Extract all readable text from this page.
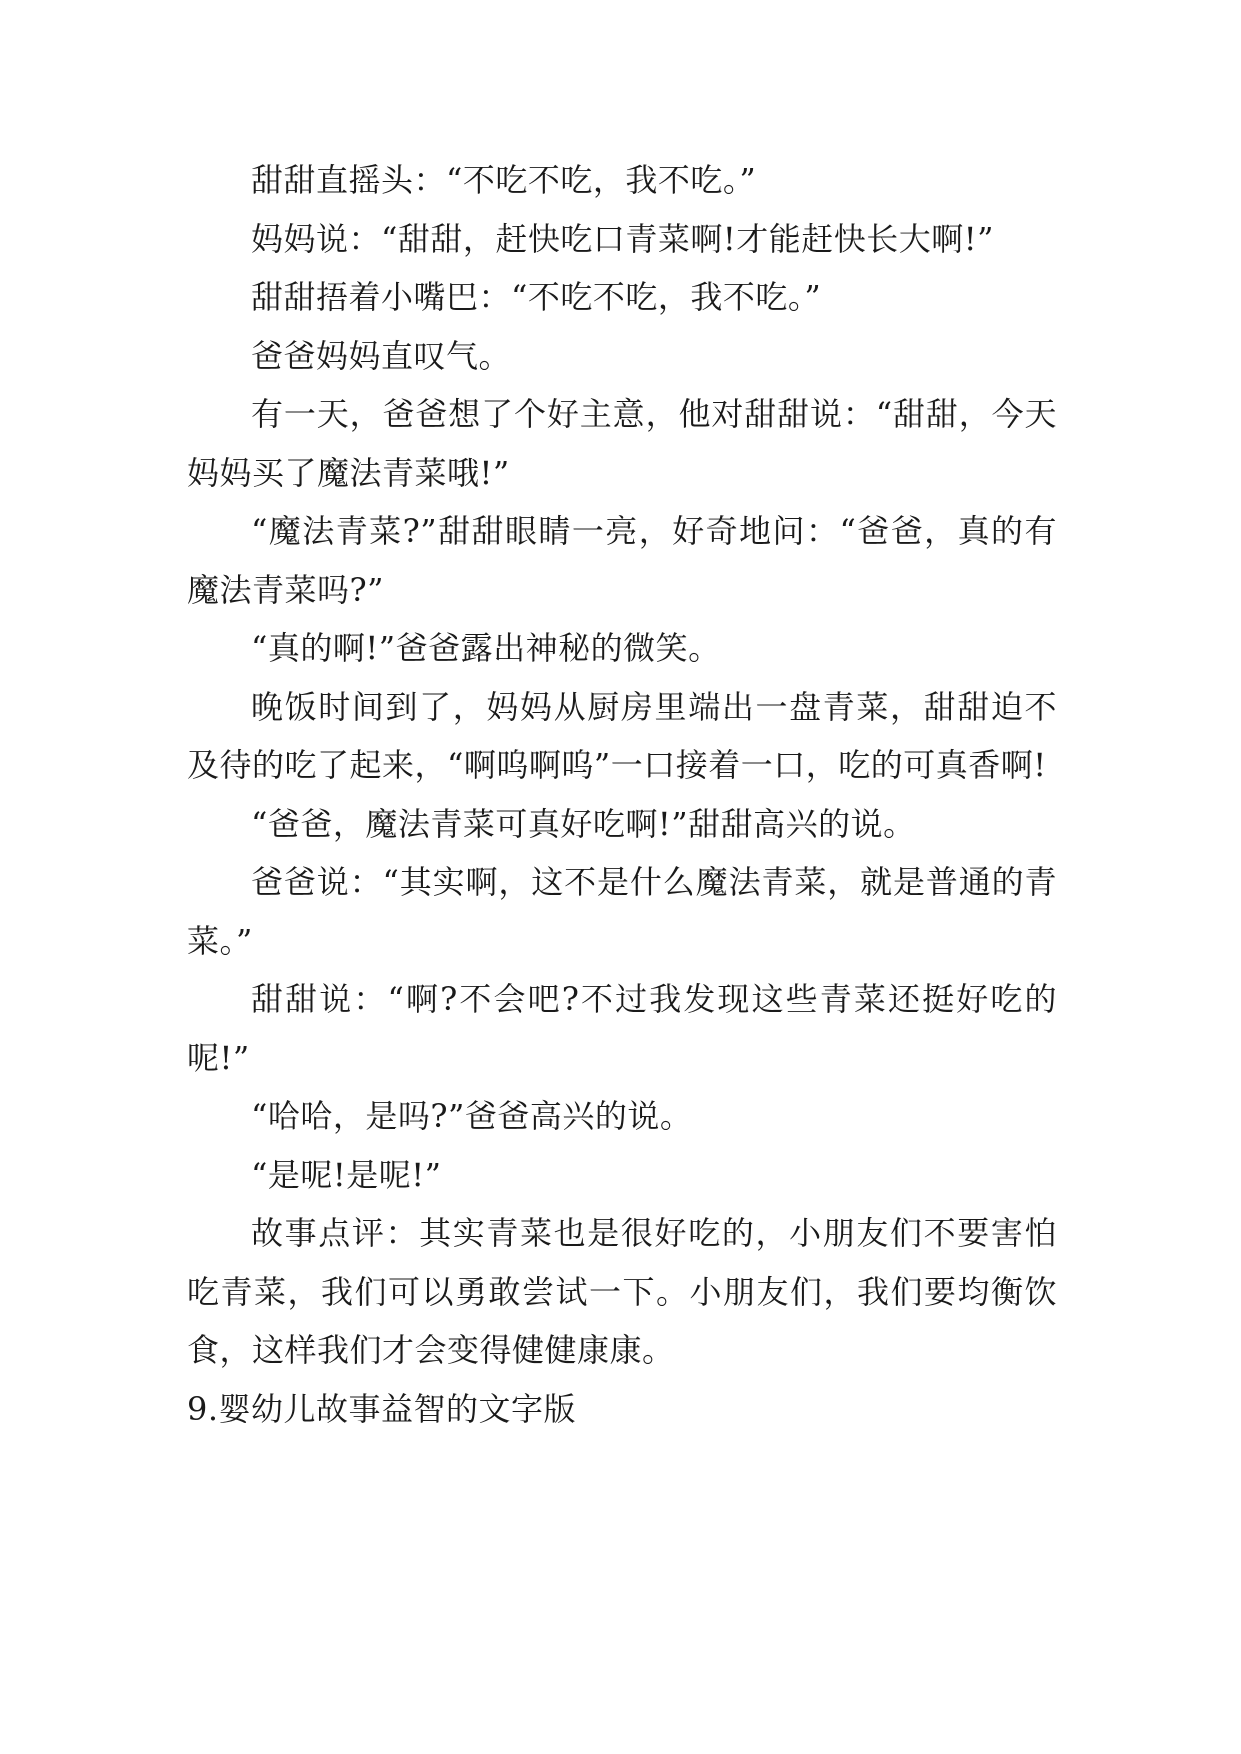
甜甜直摇头：“不吃不吃，我不吃。”

妈妈说：“甜甜，赶快吃口青菜啊!才能赶快长大啊!”

甜甜捂着小嘴巴：“不吃不吃，我不吃。”

爸爸妈妈直叹气。

有一天，爸爸想了个好主意，他对甜甜说：“甜甜，今天妈妈买了魔法青菜哦!”

“魔法青菜?”甜甜眼睛一亮，好奇地问：“爸爸，真的有魔法青菜吗?”

“真的啊!”爸爸露出神秘的微笑。

晚饭时间到了，妈妈从厨房里端出一盘青菜，甜甜迫不及待的吃了起来，“啊呜啊呜”一口接着一口，吃的可真香啊!

“爸爸，魔法青菜可真好吃啊!”甜甜高兴的说。

爸爸说：“其实啊，这不是什么魔法青菜，就是普通的青菜。”

甜甜说：“啊?不会吧?不过我发现这些青菜还挺好吃的呢!”

“哈哈，是吗?”爸爸高兴的说。

“是呢!是呢!”

故事点评：其实青菜也是很好吃的，小朋友们不要害怕吃青菜，我们可以勇敢尝试一下。小朋友们，我们要均衡饮食，这样我们才会变得健健康康。

9.婴幼儿故事益智的文字版
